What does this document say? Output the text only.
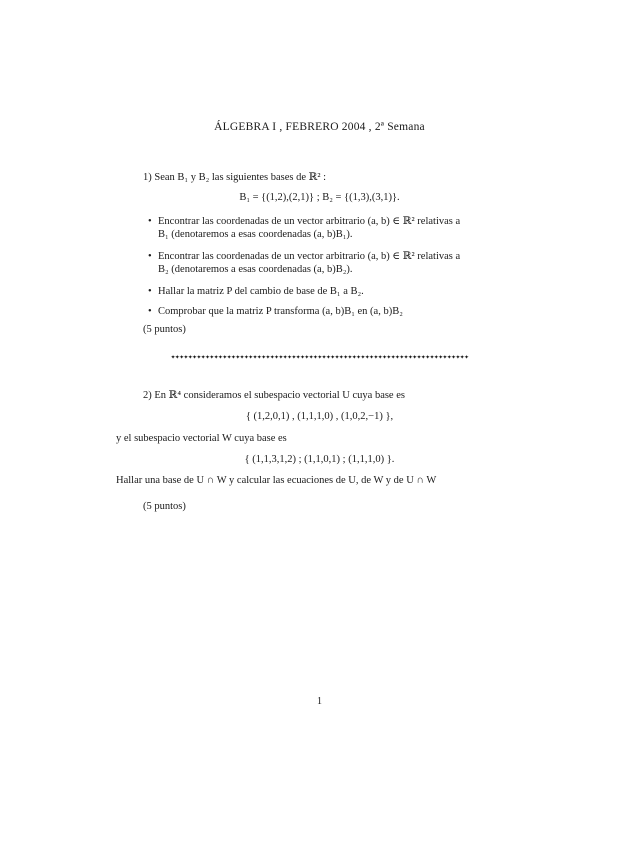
ÁLGEBRA I , FEBRERO 2004 , 2ª Semana
1) Sean B₁ y B₂ las siguientes bases de ℝ² :
B₁ = {(1,2),(2,1)} ; B₂ = {(1,3),(3,1)}.
• Encontrar las coordenadas de un vector arbitrario (a, b) ∈ ℝ² relativas a
B₁ (denotaremos a esas coordenadas (a, b)B₁).
• Encontrar las coordenadas de un vector arbitrario (a, b) ∈ ℝ² relativas a
B₂ (denotaremos a esas coordenadas (a, b)B₂).
• Hallar la matriz P del cambio de base de B₁ a B₂.
• Comprobar que la matriz P transforma (a, b)B₁ en (a, b)B₂
(5 puntos)
✦✦✦✦✦✦✦✦✦✦✦✦✦✦✦✦✦✦✦✦✦✦✦✦✦✦✦✦✦✦✦✦✦✦✦✦✦✦✦✦✦✦✦✦✦✦✦✦✦✦✦✦✦✦✦✦✦✦✦✦✦✦✦✦✦✦✦✦✦
2) En ℝ⁴ consideramos el subespacio vectorial U cuya base es
{ (1,2,0,1) , (1,1,1,0) , (1,0,2,−1) },
y el subespacio vectorial W cuya base es
{ (1,1,3,1,2) ; (1,1,0,1) ; (1,1,1,0) }.
Hallar una base de U ∩ W y calcular las ecuaciones de U, de W y de U ∩ W
(5 puntos)
1
